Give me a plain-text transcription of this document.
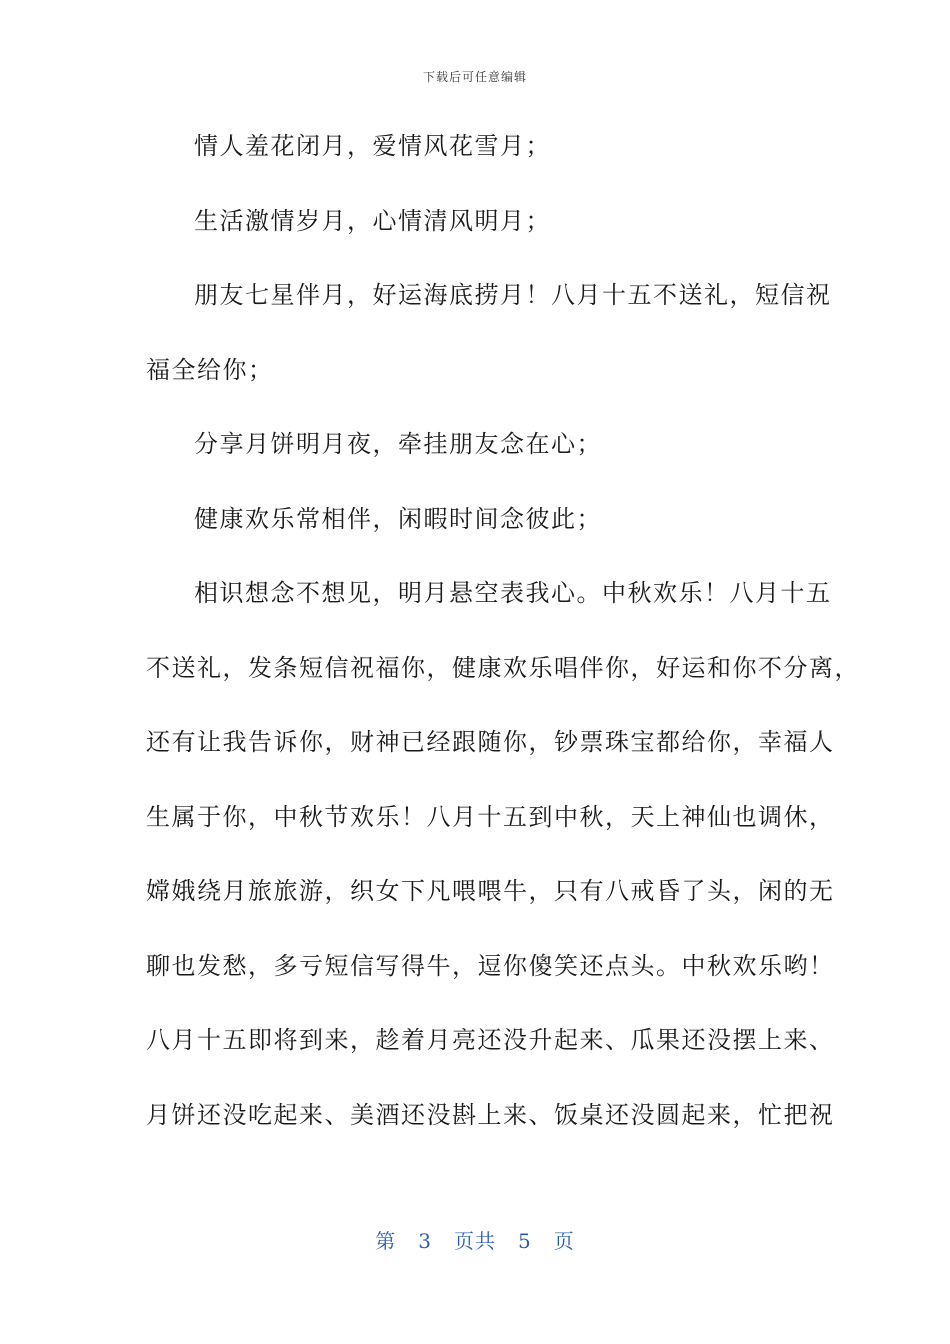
下载后可任意编辑
情人羞花闭月，爱情风花雪月；
生活激情岁月，心情清风明月；
朋友七星伴月，好运海底捞月！八月十五不送礼，短信祝
福全给你；
分享月饼明月夜，牵挂朋友念在心；
健康欢乐常相伴，闲暇时间念彼此；
相识想念不想见，明月悬空表我心。中秋欢乐！八月十五
不送礼，发条短信祝福你，健康欢乐唱伴你，好运和你不分离，
还有让我告诉你，财神已经跟随你，钞票珠宝都给你，幸福人
生属于你，中秋节欢乐！八月十五到中秋，天上神仙也调休，
嫦娥绕月旅旅游，织女下凡喂喂牛，只有八戒昏了头，闲的无
聊也发愁，多亏短信写得牛，逗你傻笑还点头。中秋欢乐哟！
八月十五即将到来，趁着月亮还没升起来、瓜果还没摆上来、
月饼还没吃起来、美酒还没斟上来、饭桌还没圆起来，忙把祝
第 3 页共 5 页
